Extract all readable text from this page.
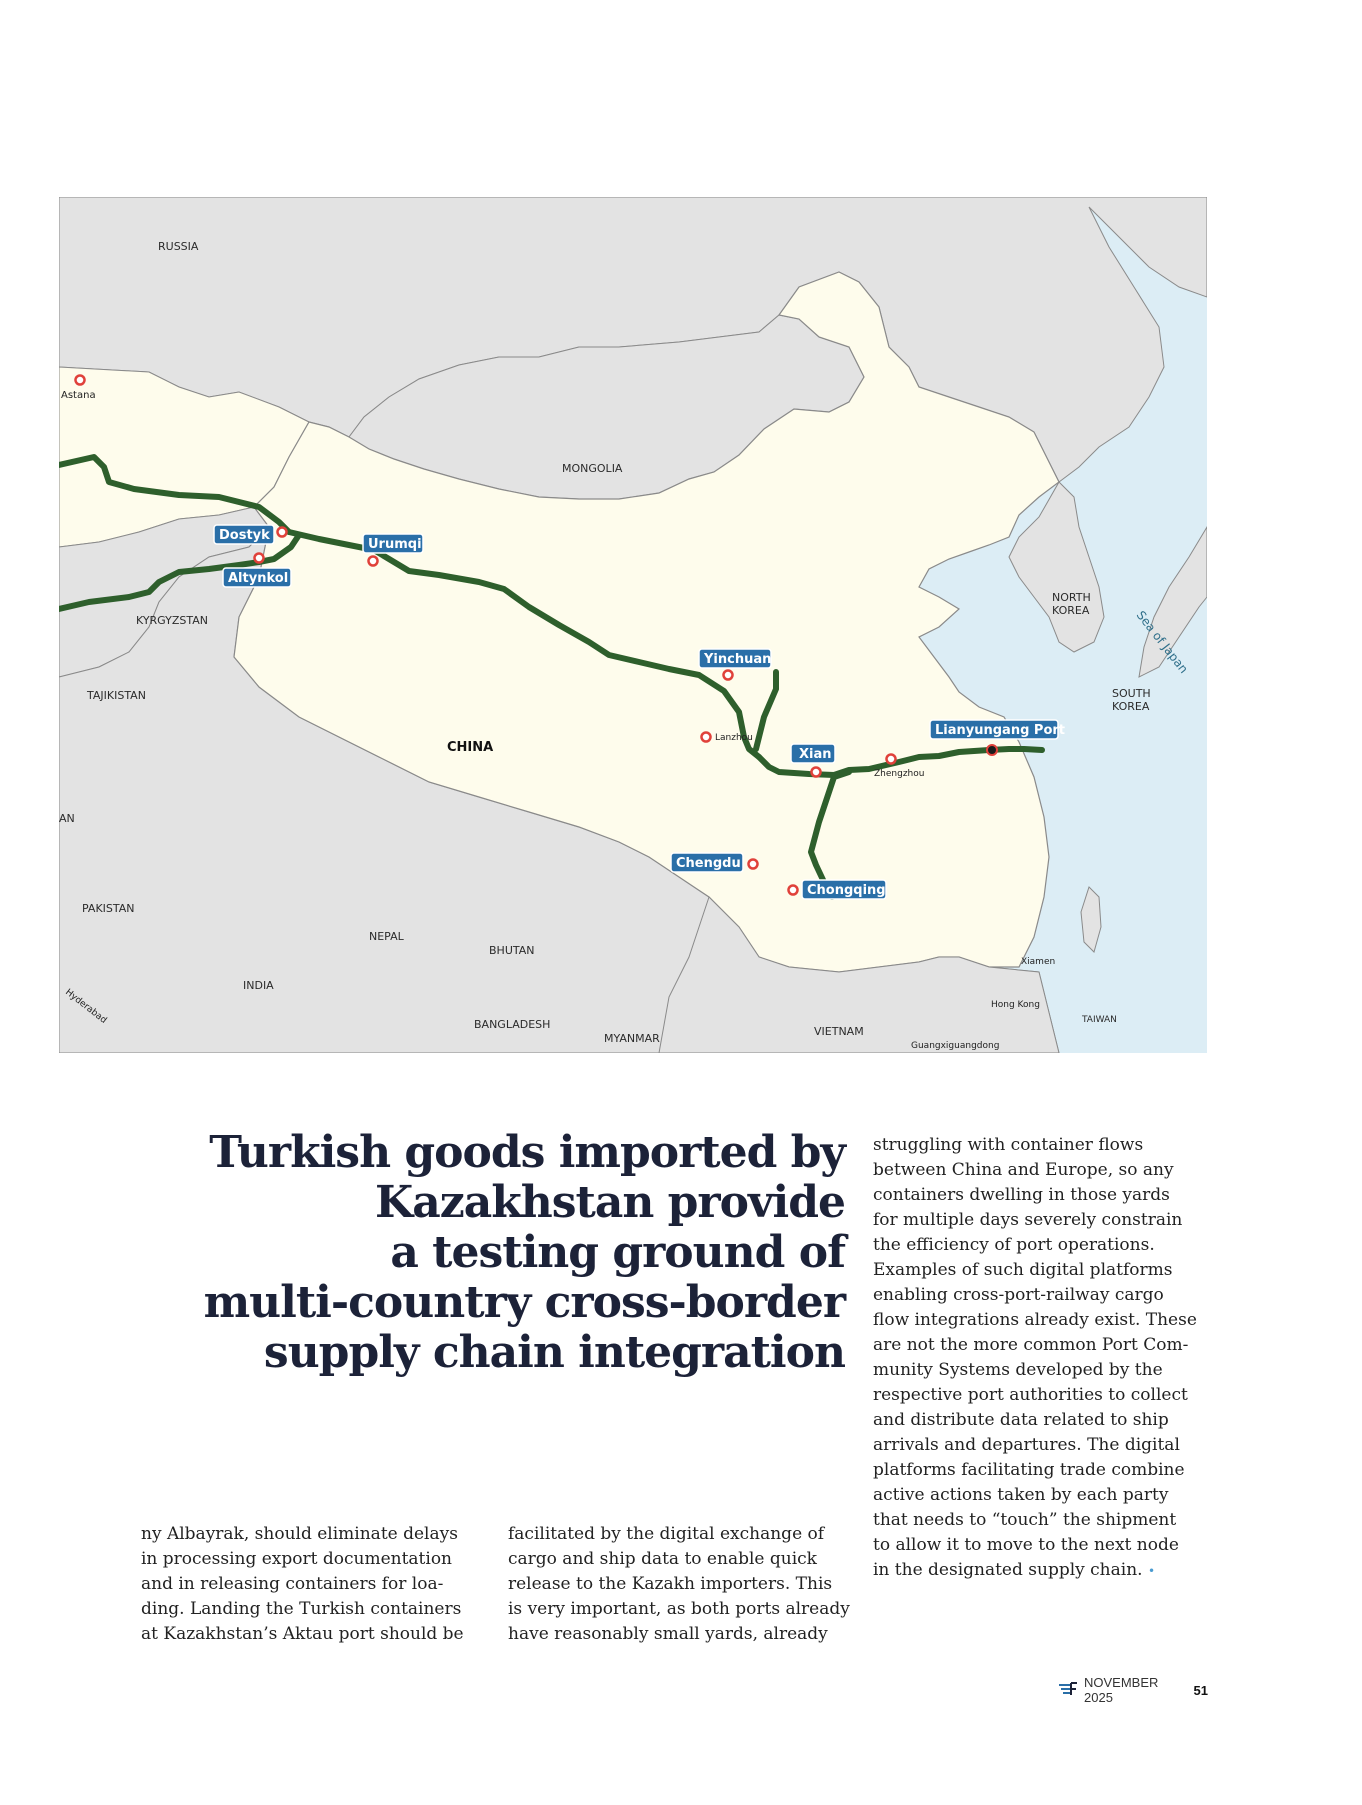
RUSSIA
MONGOLIA
CHINA
KYRGYZSTAN
TAJIKISTAN
PAKISTAN
INDIA
NEPAL
BHUTAN
BANGLADESH
MYANMAR
VIETNAM
NORTH
KOREA
SOUTH
KOREA
TAIWAN
AN
Sea of Japan
Astana
Lanzhou
Zhengzhou
Xiamen
Hong Kong
Guangxiguangdong
Hyderabad
Dostyk
Altynkol
Urumqi
Yinchuan
Xian
Lianyungang Port
Chengdu
Chongqing
Turkish goods imported by
Kazakhstan provide
a testing ground of
multi-country cross-border
supply chain integration
struggling with container flows
between China and Europe, so any
containers dwelling in those yards
for multiple days severely constrain
the efficiency of port operations.
Examples of such digital platforms
enabling cross-port-railway cargo
flow integrations already exist. These
are not the more common Port Com-
munity Systems developed by the
respective port authorities to collect
and distribute data related to ship
arrivals and departures. The digital
platforms facilitating trade combine
active actions taken by each party
that needs to “touch” the shipment
to allow it to move to the next node
in the designated supply chain. •
ny Albayrak, should eliminate delays
in processing export documentation
and in releasing containers for loa-
ding. Landing the Turkish containers
at Kazakhstan’s Aktau port should be
facilitated by the digital exchange of
cargo and ship data to enable quick
release to the Kazakh importers. This
is very important, as both ports already
have reasonably small yards, already
NOVEMBER 2025	51
